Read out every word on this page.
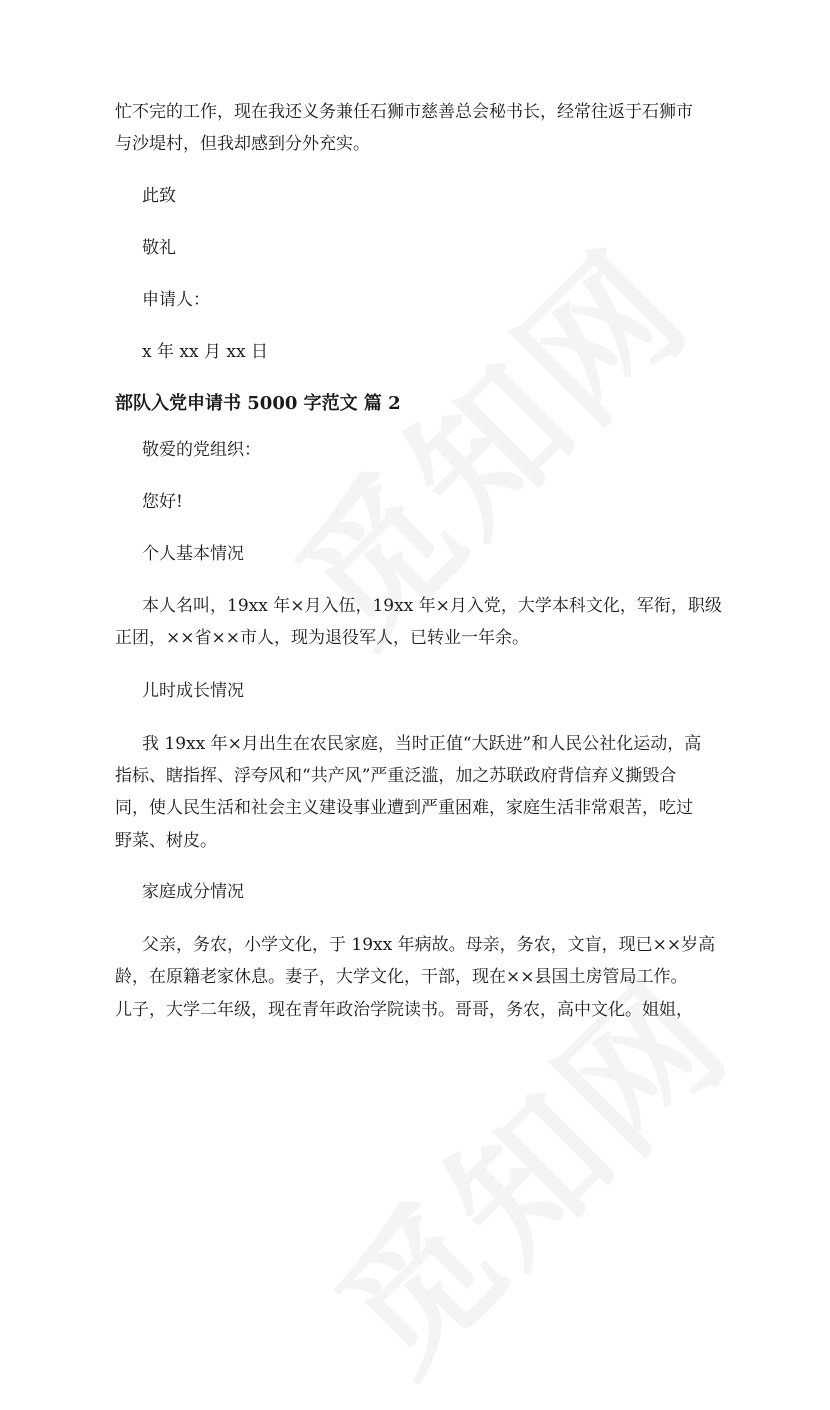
忙不完的工作，现在我还义务兼任石狮市慈善总会秘书长，经常往返于石狮市
与沙堤村，但我却感到分外充实。
此致
敬礼
申请人：
x 年 xx 月 xx 日
部队入党申请书 5000 字范文 篇 2
敬爱的党组织：
您好!
个人基本情况
本人名叫，19xx 年×月入伍，19xx 年×月入党，大学本科文化，军衔，职级
正团，××省××市人，现为退役军人，已转业一年余。
儿时成长情况
我 19xx 年×月出生在农民家庭，当时正值“大跃进”和人民公社化运动，高
指标、瞎指挥、浮夸风和“共产风”严重泛滥，加之苏联政府背信弃义撕毁合
同，使人民生活和社会主义建设事业遭到严重困难，家庭生活非常艰苦，吃过
野菜、树皮。
家庭成分情况
父亲，务农，小学文化，于 19xx 年病故。母亲，务农，文盲，现已××岁高
龄，在原籍老家休息。妻子，大学文化，干部，现在××县国土房管局工作。
儿子，大学二年级，现在青年政治学院读书。哥哥，务农，高中文化。姐姐，
